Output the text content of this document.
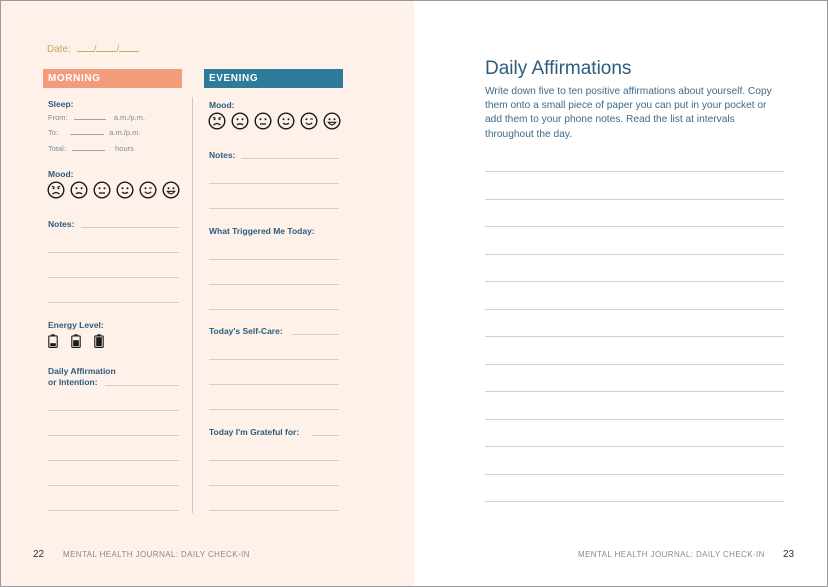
Date: / /
MORNING	EVENING
Sleep:
From:	a.m./p.m.
To:	a.m./p.m.
Total:	hours
Mood:
Notes:
Energy Level:
Daily Affirmation
or Intention:
Mood:
Notes:
What Triggered Me Today:
Today's Self-Care:
Today I'm Grateful for:
22 MENTAL HEALTH JOURNAL: DAILY CHECK-IN
Daily Affirmations
Write down five to ten positive affirmations about yourself. Copy them onto a small piece of paper you can put in your pocket or add them to your phone notes. Read the list at intervals throughout the day.
MENTAL HEALTH JOURNAL: DAILY CHECK-IN 23
